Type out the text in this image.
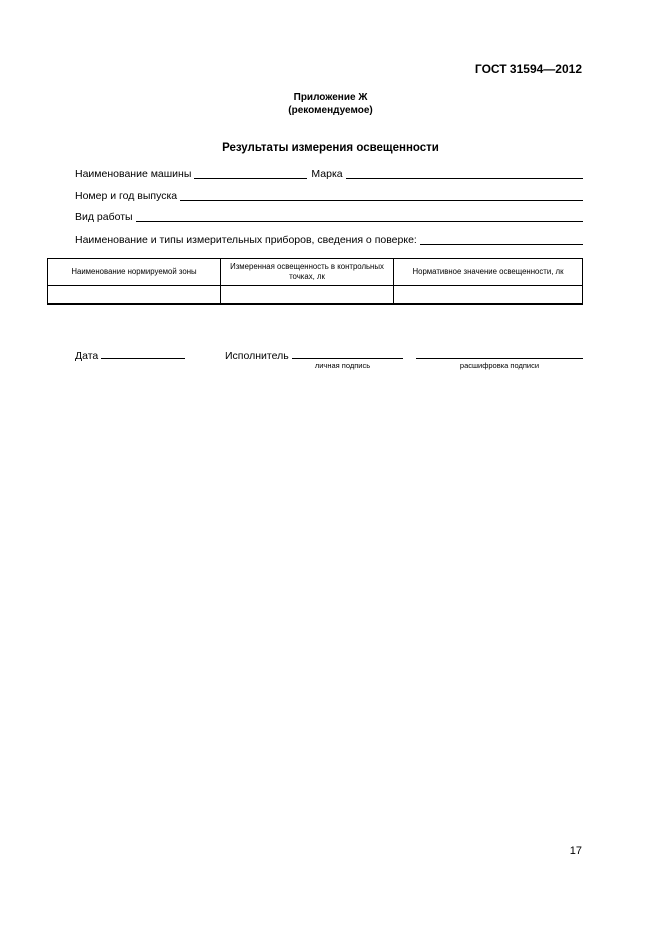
ГОСТ 31594—2012
Приложение Ж
(рекомендуемое)
Результаты измерения освещенности
Наименование машины	Марка
Номер и год выпуска
Вид работы
Наименование и типы измерительных приборов, сведения о поверке:
Наименование нормируемой зоны	Измеренная освещенность в контрольных точках, лк	Нормативное значение освещенности, лк

Дата	Исполнитель
личная подпись	расшифровка подписи
17
